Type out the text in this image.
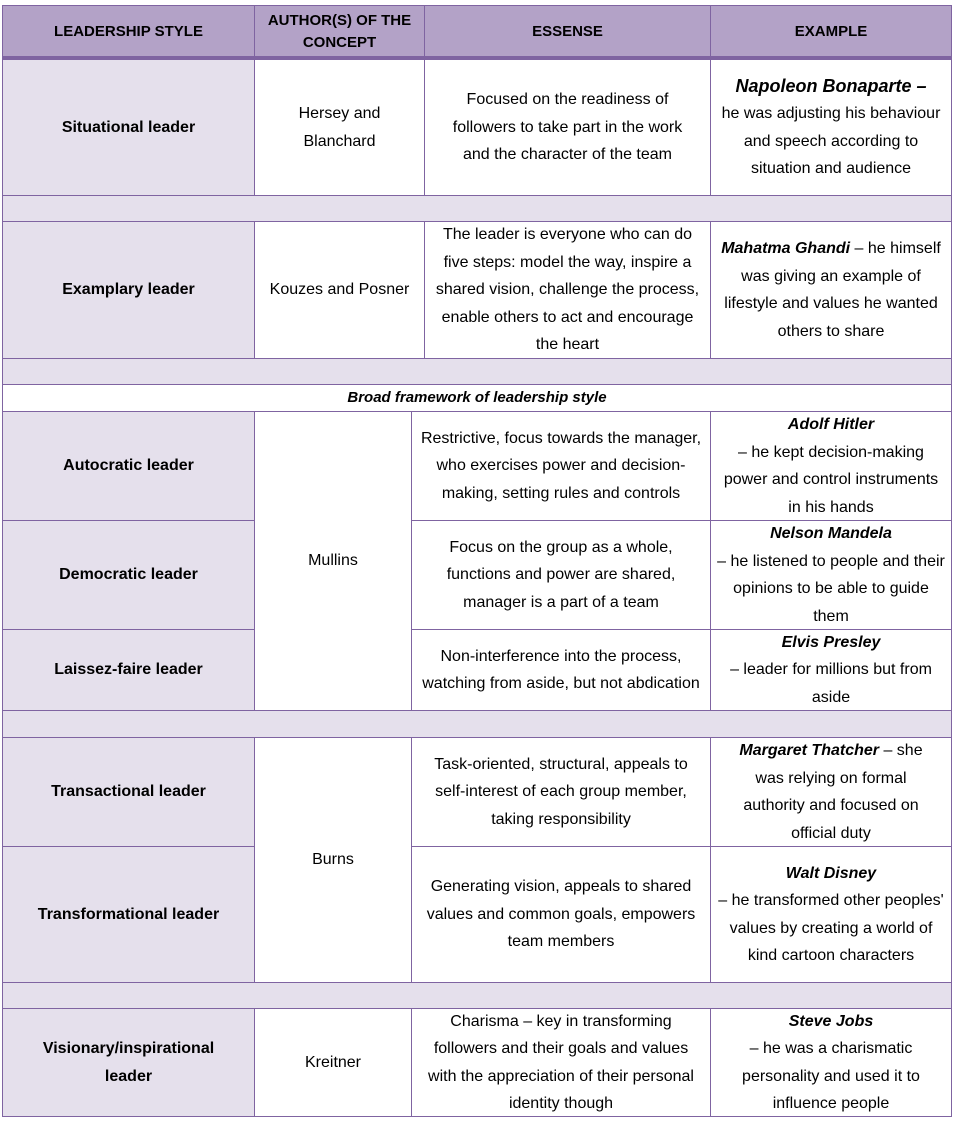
LEADERSHIP STYLE
AUTHOR(S) OF THE CONCEPT
ESSENSE	EXAMPLE
Situational leader
Hersey and Blanchard
Focused on the readiness of followers to take part in the work and the character of the team
Napoleon Bonaparte –
he was adjusting his behaviour and speech according to situation and audience
Examplary leader	Kouzes and Posner
The leader is everyone who can do five steps: model the way, inspire a shared vision, challenge the process, enable others to act and encourage the heart
Mahatma Ghandi – he himself was giving an example of lifestyle and values he wanted others to share
Broad framework of leadership style
Autocratic leader
Mullins
Restrictive, focus towards the manager, who exercises power and decision-making, setting rules and controls
Adolf Hitler
– he kept decision-making power and control instruments in his hands
Democratic leader
Focus on the group as a whole, functions and power are shared, manager is a part of a team
Nelson Mandela
– he listened to people and their opinions to be able to guide them
Laissez-faire leader
Non-interference into the process, watching from aside, but not abdication
Elvis Presley
– leader for millions but from aside
Transactional leader
Burns
Task-oriented, structural, appeals to self-interest of each group member, taking responsibility
Margaret Thatcher – she was relying on formal authority and focused on official duty
Transformational leader
Generating vision, appeals to shared values and common goals, empowers team members
Walt Disney
– he transformed other peoples' values by creating a world of kind cartoon characters
Visionary/inspirational leader
Kreitner
Charisma – key in transforming followers and their goals and values with the appreciation of their personal identity though
Steve Jobs
– he was a charismatic personality and used it to influence people
